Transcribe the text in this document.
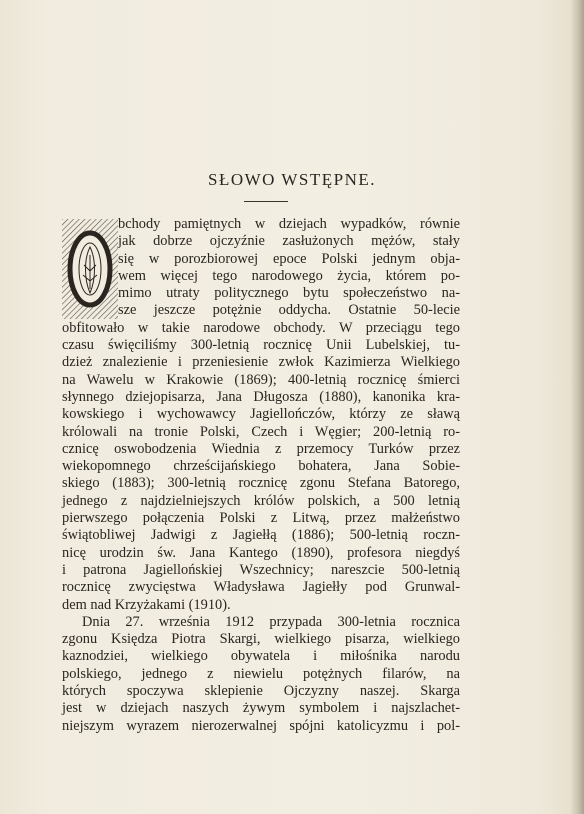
SŁOWO WSTĘPNE.
bchody pamiętnych w dziejach wypadków, równie
jak dobrze ojczyźnie zasłużonych mężów, stały
się w porozbiorowej epoce Polski jednym obja-
wem więcej tego narodowego życia, którem po-
mimo utraty politycznego bytu społeczeństwo na-
sze jeszcze potężnie oddycha. Ostatnie 50-lecie
obfitowało w takie narodowe obchody. W przeciągu tego
czasu święciliśmy 300-letnią rocznicę Unii Lubelskiej, tu-
dzież znalezienie i przeniesienie zwłok Kazimierza Wielkiego
na Wawelu w Krakowie (1869); 400-letnią rocznicę śmierci
słynnego dziejopisarza, Jana Długosza (1880), kanonika kra-
kowskiego i wychowawcy Jagiellończów, którzy ze sławą
królowali na tronie Polski, Czech i Węgier; 200-letnią ro-
cznicę oswobodzenia Wiednia z przemocy Turków przez
wiekopomnego chrześcijańskiego bohatera, Jana Sobie-
skiego (1883); 300-letnią rocznicę zgonu Stefana Batorego,
jednego z najdzielniejszych królów polskich, a 500 letnią
pierwszego połączenia Polski z Litwą, przez małżeństwo
świątobliwej Jadwigi z Jagiełłą (1886); 500-letnią roczn-
nicę urodzin św. Jana Kantego (1890), profesora niegdyś
i patrona Jagiellońskiej Wszechnicy; nareszcie 500-letnią
rocznicę zwycięstwa Władysława Jagiełły pod Grunwal-
dem nad Krzyżakami (1910).
Dnia 27. września 1912 przypada 300-letnia rocznica
zgonu Księdza Piotra Skargi, wielkiego pisarza, wielkiego
kaznodziei, wielkiego obywatela i miłośnika narodu
polskiego, jednego z niewielu potężnych filarów, na
których spoczywa sklepienie Ojczyzny naszej. Skarga
jest w dziejach naszych żywym symbolem i najszlachet-
niejszym wyrazem nierozerwalnej spójni katolicyzmu i pol-
